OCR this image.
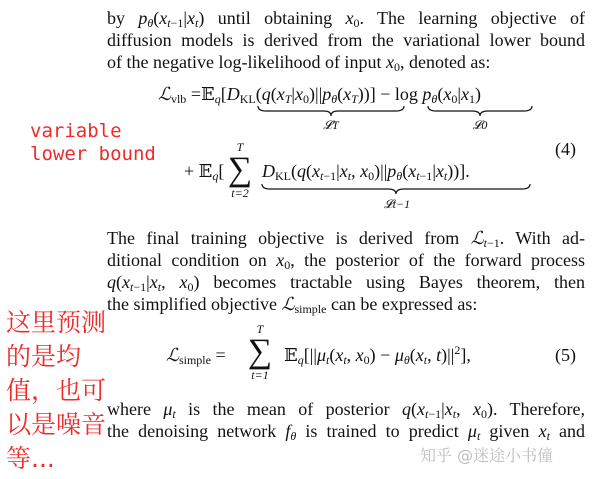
by $p_\theta(x_{t-1}|x_t)$ until obtaining $x_0$. The learning objective of
diffusion models is derived from the variational lower bound
of the negative log-likelihood of input $x_0$, denoted as:
variable
lower bound
ℒ$_{vlb}$ $=𝔼_q[D_{KL}(q(x_T|x_0)||p_\theta(x_T))] - \log p_\theta(x_0|x_1)$
𝓛T	𝓛0
T
∑
t=2
+ 𝔼$_q$[ $D_{KL}(q(x_{t-1}|x_t$, $x_0)||p_\theta(x_{t-1}|x_t)$)].
𝓛t−1
(4)
The final training objective is derived from ℒ$_{t-1}$. With ad-
ditional condition on $x_0$, the posterior of the forward process
$q(x_{t-1}|x_t$, $x_0$) becomes tractable using Bayes theorem, then
the simplified objective ℒ$_{simple}$ can be expressed as:
这里预测
的是均
值，也可
以是噪音
等...
ℒ$_{simple}$ =
T
∑
t=1
$𝔼_q[||\mu_t(x_t$, $x_0) - \mu_\theta(x_t$, $t)||^2$],	(5)
where $\mu_t$ is the mean of posterior $q(x_{t-1}|x_t$, $x_0$). Therefore,
the denoising network $f_\theta$ is trained to predict $\mu_t$ given $x_t$ and
知乎 @迷途小书僮
